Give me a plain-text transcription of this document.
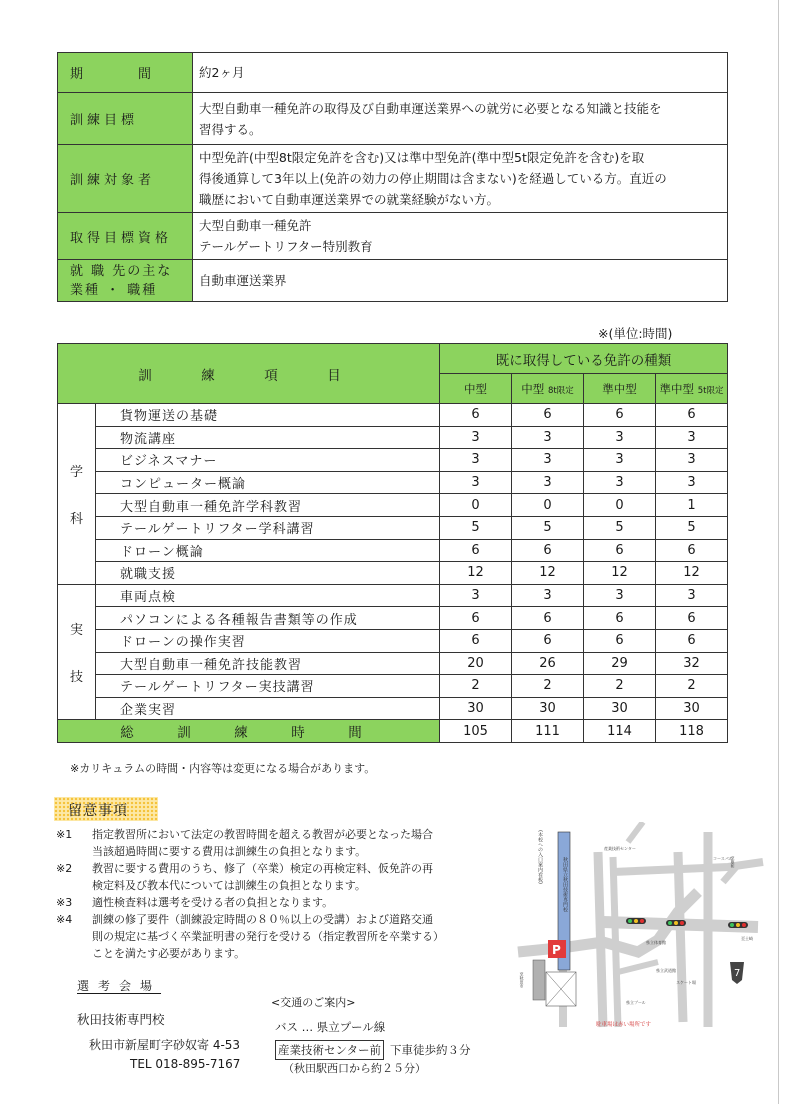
期　　　間	約2ヶ月

訓練目標	大型自動車一種免許の取得及び自動車運送業界への就労に必要となる知識と技能を
習得する。

訓練対象者	中型免許(中型8t限定免許を含む)又は準中型免許(準中型5t限定免許を含む)を取
得後通算して3年以上(免許の効力の停止期間は含まない)を経過している方。直近の
職歴において自動車運送業界での就業経験がない方。

取得目標資格	大型自動車一種免許
テールゲートリフター特別教育

就 職 先の主な
業種 ・ 職種	自動車運送業界
※(単位:時間)
訓　練　項　目		既に取得している免許の種類			
		中型	中型 8t限定	準中型	準中型 5t限定

学
科	貨物運送の基礎	6	6	6	6
	物流講座	3	3	3	3
	ビジネスマナー	3	3	3	3
	コンピューター概論	3	3	3	3
	大型自動車一種免許学科教習	0	0	0	1
	テールゲートリフター学科講習	5	5	5	5
	ドローン概論	6	6	6	6
	就職支援	12	12	12	12

実
技	車両点検	3	3	3	3
	パソコンによる各種報告書類等の作成	6	6	6	6
	ドローンの操作実習	6	6	6	6
	大型自動車一種免許技能教習	20	26	29	32
	テールゲートリフター実技講習	2	2	2	2
	企業実習	30	30	30	30
総　訓　練　時　間		105	111	114	118
※カリキュラムの時間・内容等は変更になる場合があります。
留意事項
※1	指定教習所において法定の教習時間を超える教習が必要となった場合
当該超過時間に要する費用は訓練生の負担となります。
※2	教習に要する費用のうち、修了（卒業）検定の再検定料、仮免許の再
検定料及び教本代については訓練生の負担となります。
※3	適性検査料は選考を受ける者の負担となります。
※4	訓練の修了要件（訓練設定時間の８０％以上の受講）および道路交通
則の規定に基づく卒業証明書の発行を受ける（指定教習所を卒業する）
ことを満たす必要があります。
選考会場
秋田技術専門校
秋田市新屋町字砂奴寄 4-53
TEL 018-895-7167
<交通のご案内>
バス … 県立プール線
産業技術センター前 下車徒歩約３分
（秋田駅西口から約２５分）
秋田県立秋田技術専門校
(本校への入口案内看板)
P
駐車場は赤い場所です
7
産業技術センター
コースパル
県立体育館
県立武道館
スケート場
県立プール
至雄和
至土崎
至秋田市
